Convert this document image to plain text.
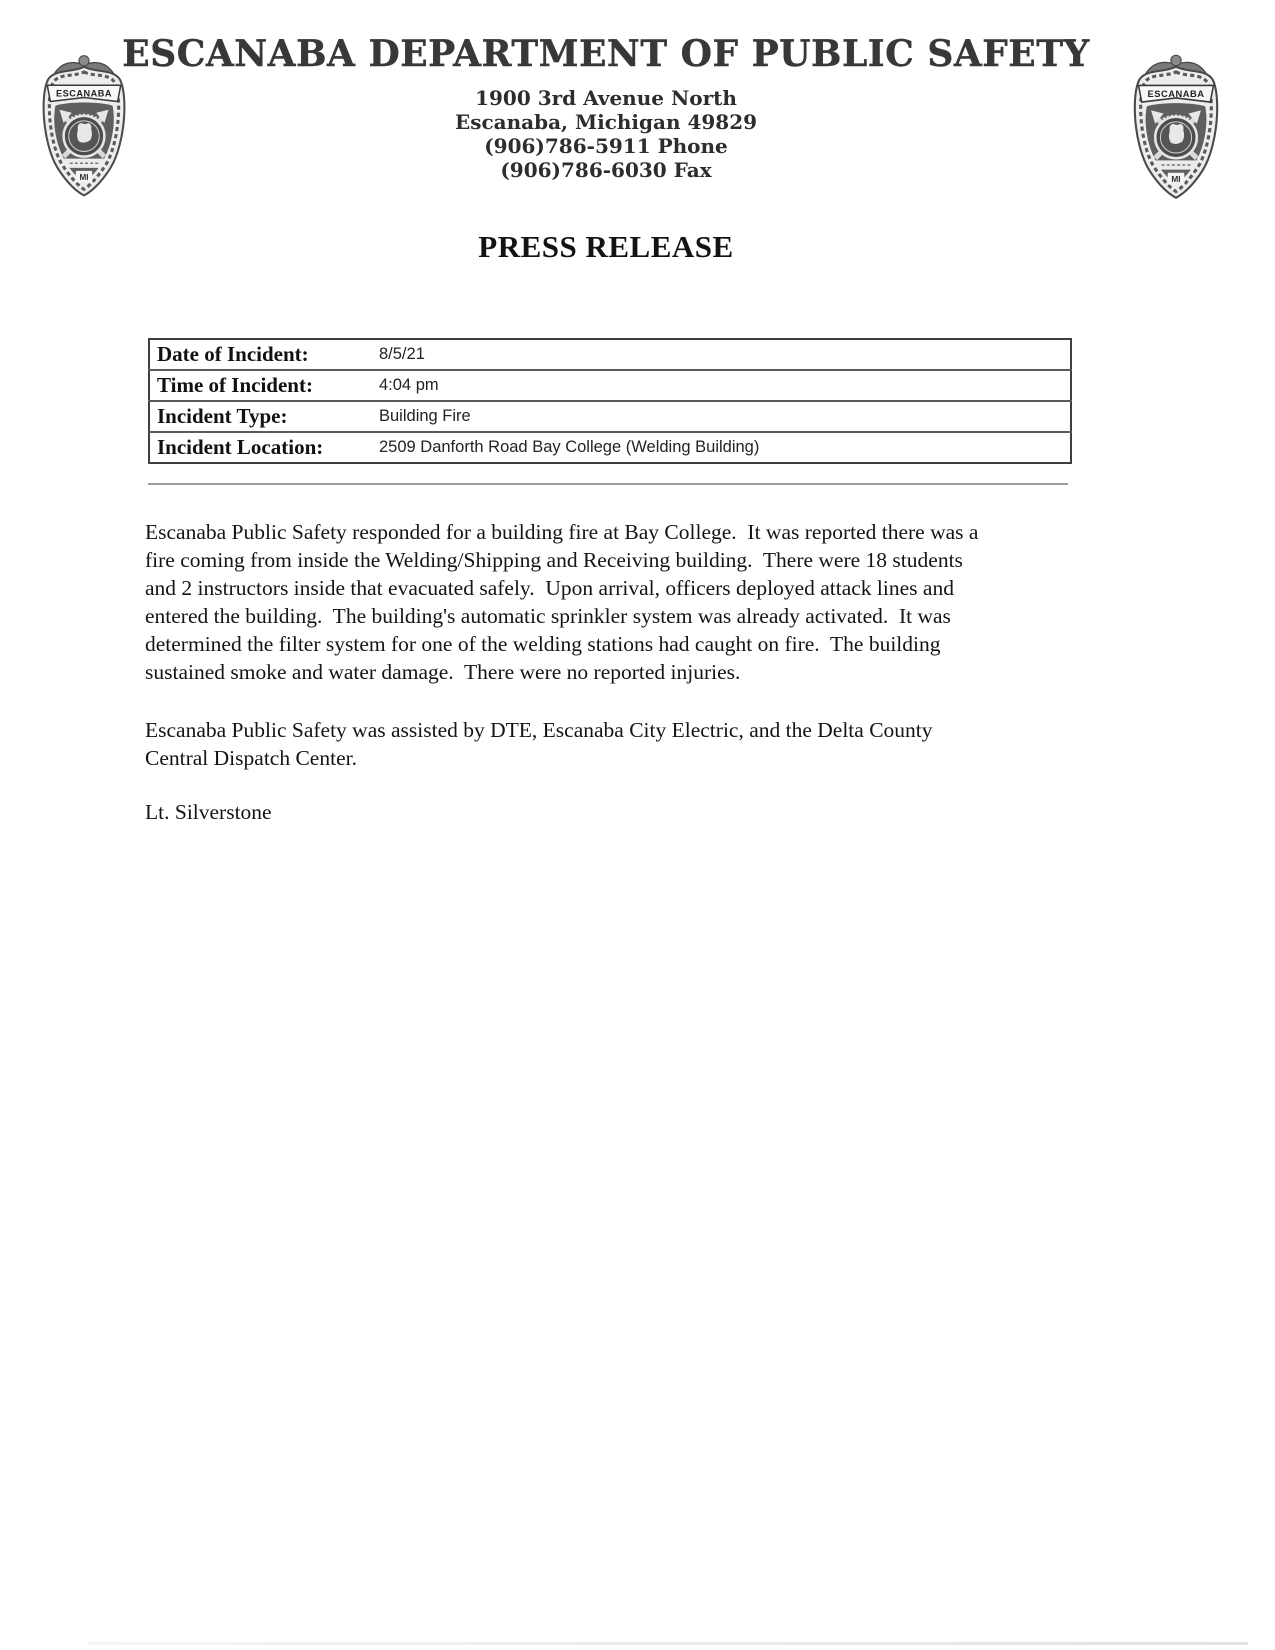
ESCANABA
MI
ESCANABA
MI
ESCANABA DEPARTMENT OF PUBLIC SAFETY
1900 3rd Avenue North
Escanaba, Michigan 49829
(906)786-5911 Phone
(906)786-6030 Fax
PRESS RELEASE
Date of Incident:	8/5/21
Time of Incident:	4:04 pm
Incident Type:	Building Fire
Incident Location:	2509 Danforth Road Bay College (Welding Building)
Escanaba Public Safety responded for a building fire at Bay College.  It was reported there was a
fire coming from inside the Welding/Shipping and Receiving building.  There were 18 students
and 2 instructors inside that evacuated safely.  Upon arrival, officers deployed attack lines and
entered the building.  The building's automatic sprinkler system was already activated.  It was
determined the filter system for one of the welding stations had caught on fire.  The building
sustained smoke and water damage.  There were no reported injuries.
Escanaba Public Safety was assisted by DTE, Escanaba City Electric, and the Delta County
Central Dispatch Center.
Lt. Silverstone
